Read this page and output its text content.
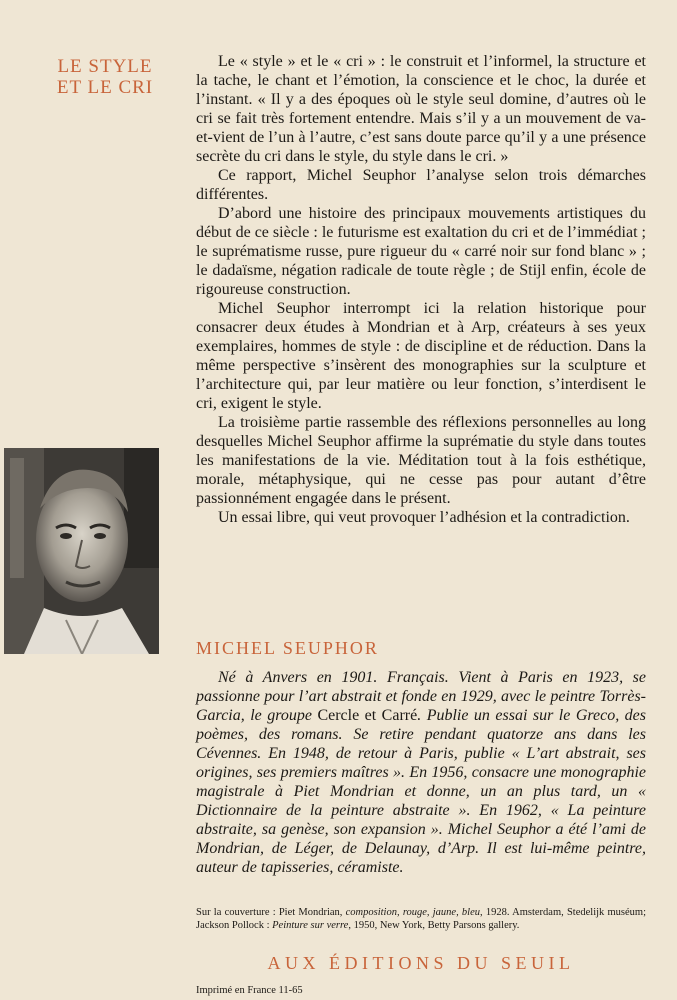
LE STYLE
ET LE CRI

Le « style » et le « cri » : le construit et l’informel, la structure et la tache, le chant et l’émotion, la conscience et le choc, la durée et l’instant. « Il y a des époques où le style seul domine, d’autres où le cri se fait très fortement entendre. Mais s’il y a un mouvement de va-et-vient de l’un à l’autre, c’est sans doute parce qu’il y a une présence secrète du cri dans le style, du style dans le cri. »

Ce rapport, Michel Seuphor l’analyse selon trois démarches différentes.

D’abord une histoire des principaux mouvements artistiques du début de ce siècle : le futurisme est exaltation du cri et de l’immédiat ; le suprématisme russe, pure rigueur du « carré noir sur fond blanc » ; le dadaïsme, négation radicale de toute règle ; de Stijl enfin, école de rigoureuse construction.

Michel Seuphor interrompt ici la relation historique pour consacrer deux études à Mondrian et à Arp, créateurs à ses yeux exemplaires, hommes de style : de discipline et de réduction. Dans la même perspective s’insèrent des monographies sur la sculpture et l’architecture qui, par leur matière ou leur fonction, s’interdisent le cri, exigent le style.

La troisième partie rassemble des réflexions personnelles au long desquelles Michel Seuphor affirme la suprématie du style dans toutes les manifestations de la vie. Méditation tout à la fois esthétique, morale, métaphysique, qui ne cesse pas pour autant d’être passionnément engagée dans le présent.

Un essai libre, qui veut provoquer l’adhésion et la contradiction.

MICHEL SEUPHOR

Né à Anvers en 1901. Français. Vient à Paris en 1923, se passionne pour l’art abstrait et fonde en 1929, avec le peintre Torrès-Garcia, le groupe Cercle et Carré. Publie un essai sur le Greco, des poèmes, des romans. Se retire pendant quatorze ans dans les Cévennes. En 1948, de retour à Paris, publie « L’art abstrait, ses origines, ses premiers maîtres ». En 1956, consacre une monographie magistrale à Piet Mondrian et donne, un an plus tard, un « Dictionnaire de la peinture abstraite ». En 1962, « La peinture abstraite, sa genèse, son expansion ». Michel Seuphor a été l’ami de Mondrian, de Léger, de Delaunay, d’Arp. Il est lui-même peintre, auteur de tapisseries, céramiste.

Sur la couverture : Piet Mondrian, composition, rouge, jaune, bleu, 1928. Amsterdam, Stedelijk muséum; Jackson Pollock : Peinture sur verre, 1950, New York, Betty Parsons gallery.

AUX ÉDITIONS DU SEUIL
Imprimé en France 11-65
